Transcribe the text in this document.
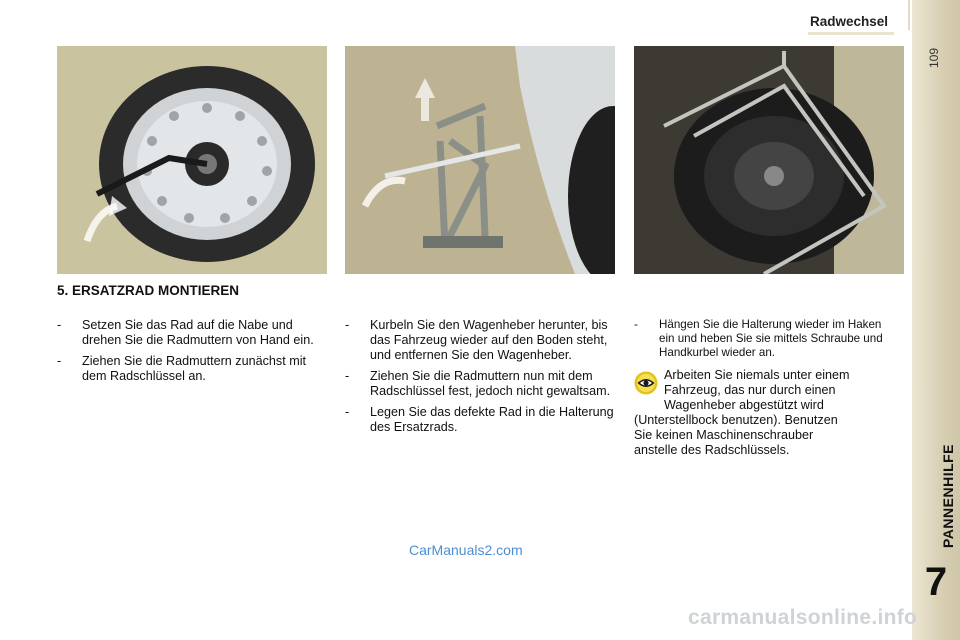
Radwechsel
109
PANNENHILFE
7
5. ERSATZRAD MONTIEREN
- Setzen Sie das Rad auf die Nabe und drehen Sie die Radmuttern von Hand ein.
- Ziehen Sie die Radmuttern zunächst mit dem Radschlüssel an.
- Kurbeln Sie den Wagenheber herunter, bis das Fahrzeug wieder auf den Boden steht, und entfernen Sie den Wagenheber.
- Ziehen Sie die Radmuttern nun mit dem Radschlüssel fest, jedoch nicht gewaltsam.
- Legen Sie das defekte Rad in die Halterung des Ersatzrads.
- Hängen Sie die Halterung wieder im Haken ein und heben Sie sie mittels Schraube und Handkurbel wieder an.
Arbeiten Sie niemals unter einem
Fahrzeug, das nur durch einen
Wagenheber abgestützt wird
(Unterstellbock benutzen). Benutzen
Sie keinen Maschinenschrauber
anstelle des Radschlüssels.
CarManuals2.com
carmanualsonline.info
